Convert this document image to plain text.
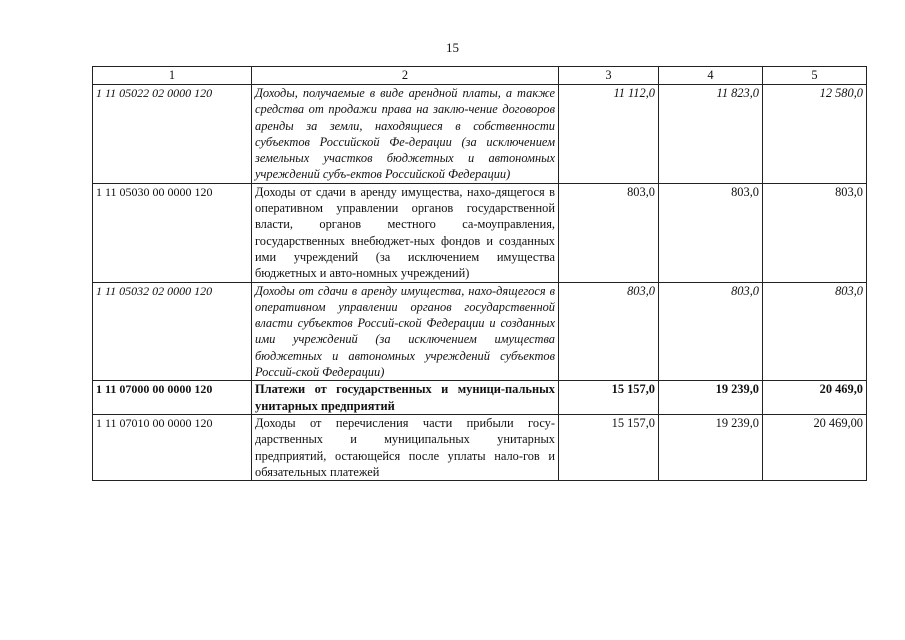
15
1	2	3	4	5
1 11 05022 02 0000 120	Доходы, получаемые в виде арендной платы, а также средства от продажи права на заклю-чение договоров аренды за земли, находящиеся в собственности субъектов Российской Фе-дерации (за исключением земельных участков бюджетных и автономных учреждений субъ-ектов Российской Федерации)	11 112,0	11 823,0	12 580,0
1 11 05030 00 0000 120	Доходы от сдачи в аренду имущества, нахо-дящегося в оперативном управлении органов государственной власти, органов местного са-моуправления, государственных внебюджет-ных фондов и созданных ими учреждений (за исключением имущества бюджетных и авто-номных учреждений)	803,0	803,0	803,0
1 11 05032 02 0000 120	Доходы от сдачи в аренду имущества, нахо-дящегося в оперативном управлении органов государственной власти субъектов Россий-ской Федерации и созданных ими учреждений (за исключением имущества бюджетных и автономных учреждений субъектов Россий-ской Федерации)	803,0	803,0	803,0
1 11 07000 00 0000 120	Платежи от государственных и муници-пальных унитарных предприятий	15 157,0	19 239,0	20 469,0
1 11 07010 00 0000 120	Доходы от перечисления части прибыли госу-дарственных и муниципальных унитарных предприятий, остающейся после уплаты нало-гов и обязательных платежей	15 157,0	19 239,0	20 469,00
